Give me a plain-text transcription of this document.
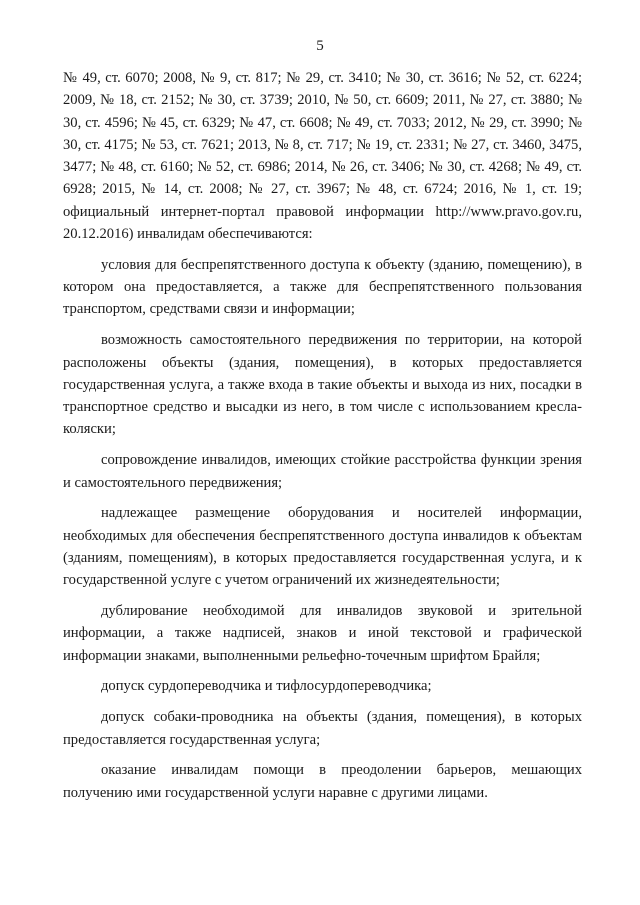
5

№ 49, ст. 6070; 2008, № 9, ст. 817; № 29, ст. 3410; № 30, ст. 3616; № 52, ст. 6224; 2009, № 18, ст. 2152; № 30, ст. 3739; 2010, № 50, ст. 6609; 2011, № 27, ст. 3880; № 30, ст. 4596; № 45, ст. 6329; № 47, ст. 6608; № 49, ст. 7033; 2012, № 29, ст. 3990; № 30, ст. 4175; № 53, ст. 7621; 2013, № 8, ст. 717; № 19, ст. 2331; № 27, ст. 3460, 3475, 3477; № 48, ст. 6160; № 52, ст. 6986; 2014, № 26, ст. 3406; № 30, ст. 4268; № 49, ст. 6928; 2015, № 14, ст. 2008; № 27, ст. 3967; № 48, ст. 6724; 2016, № 1, ст. 19; официальный интернет-портал правовой информации http://www.pravo.gov.ru, 20.12.2016) инвалидам обеспечиваются:

условия для беспрепятственного доступа к объекту (зданию, помещению), в котором она предоставляется, а также для беспрепятственного пользования транспортом, средствами связи и информации;

возможность самостоятельного передвижения по территории, на которой расположены объекты (здания, помещения), в которых предоставляется государственная услуга, а также входа в такие объекты и выхода из них, посадки в транспортное средство и высадки из него, в том числе с использованием кресла-коляски;

сопровождение инвалидов, имеющих стойкие расстройства функции зрения и самостоятельного передвижения;

надлежащее размещение оборудования и носителей информации, необходимых для обеспечения беспрепятственного доступа инвалидов к объектам (зданиям, помещениям), в которых предоставляется государственная услуга, и к государственной услуге с учетом ограничений их жизнедеятельности;

дублирование необходимой для инвалидов звуковой и зрительной информации, а также надписей, знаков и иной текстовой и графической информации знаками, выполненными рельефно-точечным шрифтом Брайля;

допуск сурдопереводчика и тифлосурдопереводчика;

допуск собаки-проводника на объекты (здания, помещения), в которых предоставляется государственная услуга;

оказание инвалидам помощи в преодолении барьеров, мешающих получению ими государственной услуги наравне с другими лицами.
